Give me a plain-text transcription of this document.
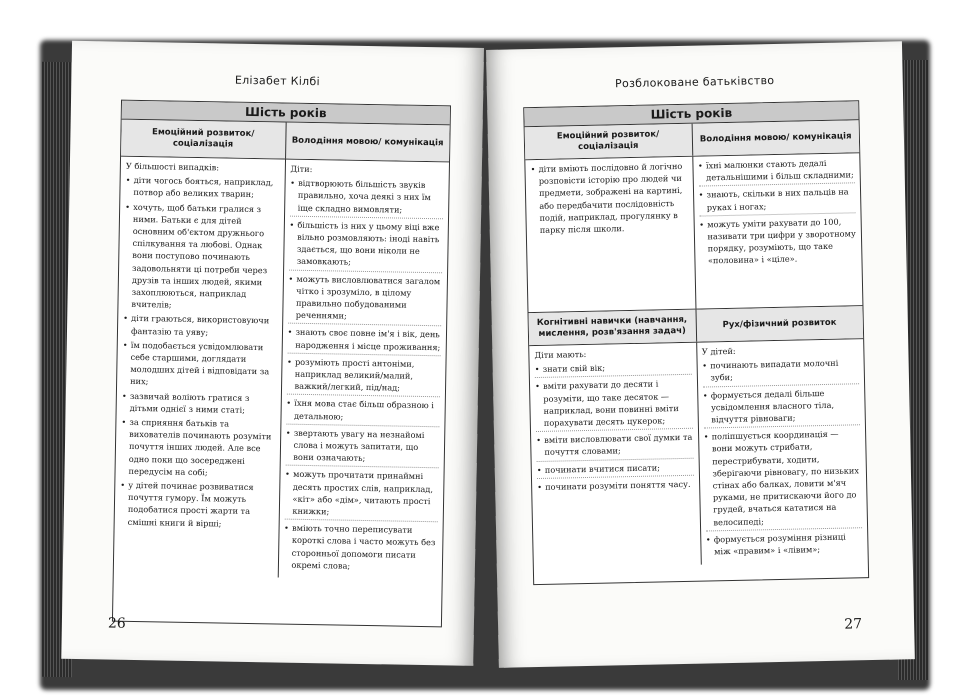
Елізабет Кілбі
Шість років
Емоційний розвиток/ соціалізація	Володіння мовою/ комунікація

У більшості випадків:

• діти чогось бояться, наприклад, потвор або великих тварин;
• хочуть, щоб батьки гралися з ними. Батьки є для дітей основним об'єктом дружнього спілкування та любові. Однак вони поступово починають задовольняти ці потреби через друзів та інших людей, якими захоплюються, наприклад вчителів;
• діти граються, використовуючи фантазію та уяву;
• їм подобається усвідомлювати себе старшими, доглядати молодших дітей і відповідати за них;
• зазвичай воліють гратися з дітьми однієї з ними статі;
• за сприяння батьків та вихователів починають розуміти почуття інших людей. Але все одно поки що зосереджені передусім на собі;
• у дітей починає розвиватися почуття гумору. Їм можуть подобатися прості жарти та смішні книги й вірші;

Діти:

• відтворюють більшість звуків правильно, хоча деякі з них їм іще складно вимовляти;
• більшість із них у цьому віці вже вільно розмовляють: іноді навіть здається, що вони ніколи не замовкають;
• можуть висловлюватися загалом чітко і зрозуміло, в цілому правильно побудованими реченнями;
• знають своє повне ім'я і вік, день народження і місце проживання;
• розуміють прості антоніми, наприклад великий/малий, важкий/легкий, під/над;
• їхня мова стає більш образною і детальною;
• звертають увагу на незнайомі слова і можуть запитати, що вони означають;
• можуть прочитати принаймні десять простих слів, наприклад, «кіт» або «дім», читають прості книжки;
• вміють точно переписувати короткі слова і часто можуть без сторонньої допомоги писати окремі слова;
26
Розблоковане батьківство
Шість років
Емоційний розвиток/ соціалізація
Володіння мовою/ комунікація
• діти вміють послідовно й логічно розповісти історію про людей чи предмети, зображені на картині, або передбачити послідовність подій, наприклад, прогулянку в парку після школи.
• їхні малюнки стають дедалі детальнішими і більш складними;
• знають, скільки в них пальців на руках і ногах;
• можуть уміти рахувати до 100, називати три цифри у зворотному порядку, розуміють, що таке «половина» і «ціле».
Когнітивні навички (навчання, мислення, розв'язання задач)
Рух/фізичний розвиток

Діти мають:

• знати свій вік;
• вміти рахувати до десяти і розуміти, що таке десяток — наприклад, вони повинні вміти порахувати десять цукерок;
• вміти висловлювати свої думки та почуття словами;
• починати вчитися писати;
• починати розуміти поняття часу.

У дітей:

• починають випадати молочні зуби;
• формується дедалі більше усвідомлення власного тіла, відчуття рівноваги;
• поліпшується координація — вони можуть стрибати, перестрибувати, ходити, зберігаючи рівновагу, по низьких стінах або балках, ловити м'яч руками, не притискаючи його до грудей, вчаться кататися на велосипеді;
• формується розуміння різниці між «правим» і «лівим»;
27
